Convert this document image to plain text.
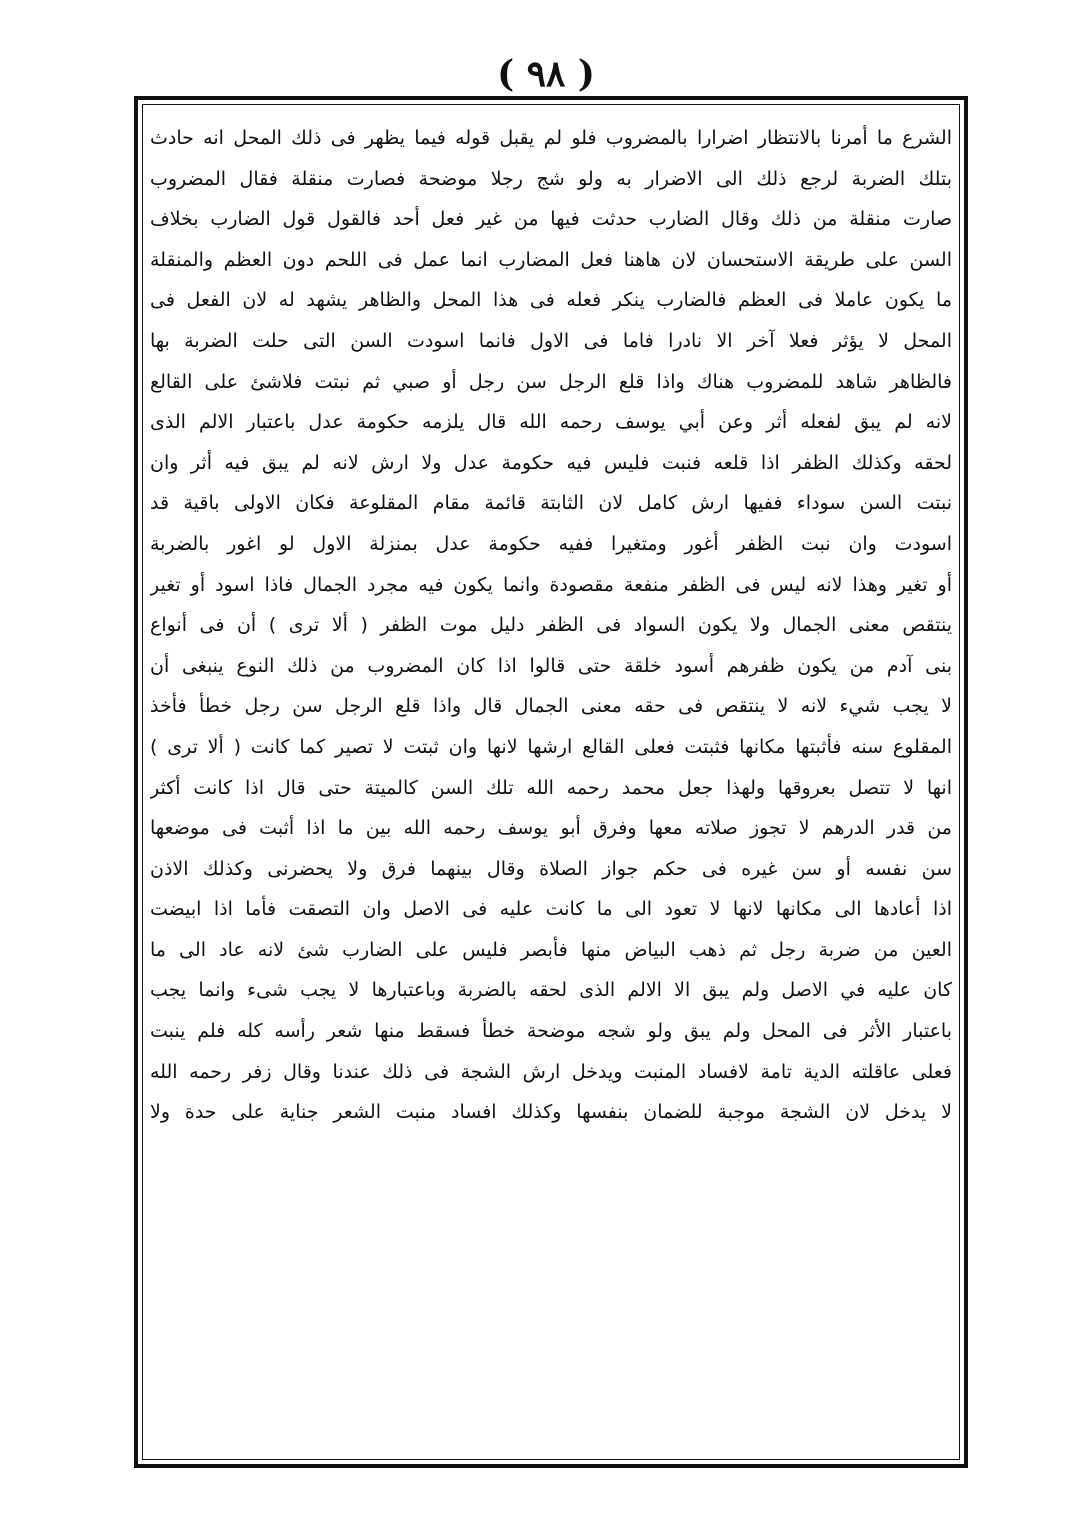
( ٩٨ )
الشرع ما أمرنا بالانتظار اضرارا بالمضروب فلو لم يقبل قوله فيما يظهر فى ذلك المحل انه حادث
بتلك الضربة لرجع ذلك الى الاضرار به ولو شج رجلا موضحة فصارت منقلة فقال المضروب
صارت منقلة من ذلك وقال الضارب حدثت فيها من غير فعل أحد فالقول قول الضارب بخلاف
السن على طريقة الاستحسان لان هاهنا فعل المضارب انما عمل فى اللحم دون العظم والمنقلة
ما يكون عاملا فى العظم فالضارب ينكر فعله فى هذا المحل والظاهر يشهد له لان الفعل فى
المحل لا يؤثر فعلا آخر الا نادرا فاما فى الاول فانما اسودت السن التى حلت الضربة بها
فالظاهر شاهد للمضروب هناك واذا قلع الرجل سن رجل أو صبي ثم نبتت فلاشئ على القالع
لانه لم يبق لفعله أثر وعن أبي يوسف رحمه الله قال يلزمه حكومة عدل باعتبار الالم الذى
لحقه وكذلك الظفر اذا قلعه فنبت فليس فيه حكومة عدل ولا ارش لانه لم يبق فيه أثر وان
نبتت السن سوداء ففيها ارش كامل لان الثابتة قائمة مقام المقلوعة فكان الاولى باقية قد
اسودت وان نبت الظفر أغور ومتغيرا ففيه حكومة عدل بمنزلة الاول لو اغور بالضربة
أو تغير وهذا لانه ليس فى الظفر منفعة مقصودة وانما يكون فيه مجرد الجمال فاذا اسود أو تغير
ينتقص معنى الجمال ولا يكون السواد فى الظفر دليل موت الظفر ( ألا ترى ) أن فى أنواع
بنى آدم من يكون ظفرهم أسود خلقة حتى قالوا اذا كان المضروب من ذلك النوع ينبغى أن
لا يجب شيء لانه لا ينتقص فى حقه معنى الجمال قال واذا قلع الرجل سن رجل خطأ فأخذ
المقلوع سنه فأثبتها مكانها فثبتت فعلى القالع ارشها لانها وان ثبتت لا تصير كما كانت ( ألا ترى )
انها لا تتصل بعروقها ولهذا جعل محمد رحمه الله تلك السن كالميتة حتى قال اذا كانت أكثر
من قدر الدرهم لا تجوز صلاته معها وفرق أبو يوسف رحمه الله بين ما اذا أثبت فى موضعها
سن نفسه أو سن غيره فى حكم جواز الصلاة وقال بينهما فرق ولا يحضرنى وكذلك الاذن
اذا أعادها الى مكانها لانها لا تعود الى ما كانت عليه فى الاصل وان التصقت فأما اذا ابيضت
العين من ضربة رجل ثم ذهب البياض منها فأبصر فليس على الضارب شئ لانه عاد الى ما
كان عليه في الاصل ولم يبق الا الالم الذى لحقه بالضربة وباعتبارها لا يجب شىء وانما يجب
باعتبار الأثر فى المحل ولم يبق ولو شجه موضحة خطأ فسقط منها شعر رأسه كله فلم ينبت
فعلى عاقلته الدية تامة لافساد المنبت ويدخل ارش الشجة فى ذلك عندنا وقال زفر رحمه الله
لا يدخل لان الشجة موجبة للضمان بنفسها وكذلك افساد منبت الشعر جناية على حدة ولا
